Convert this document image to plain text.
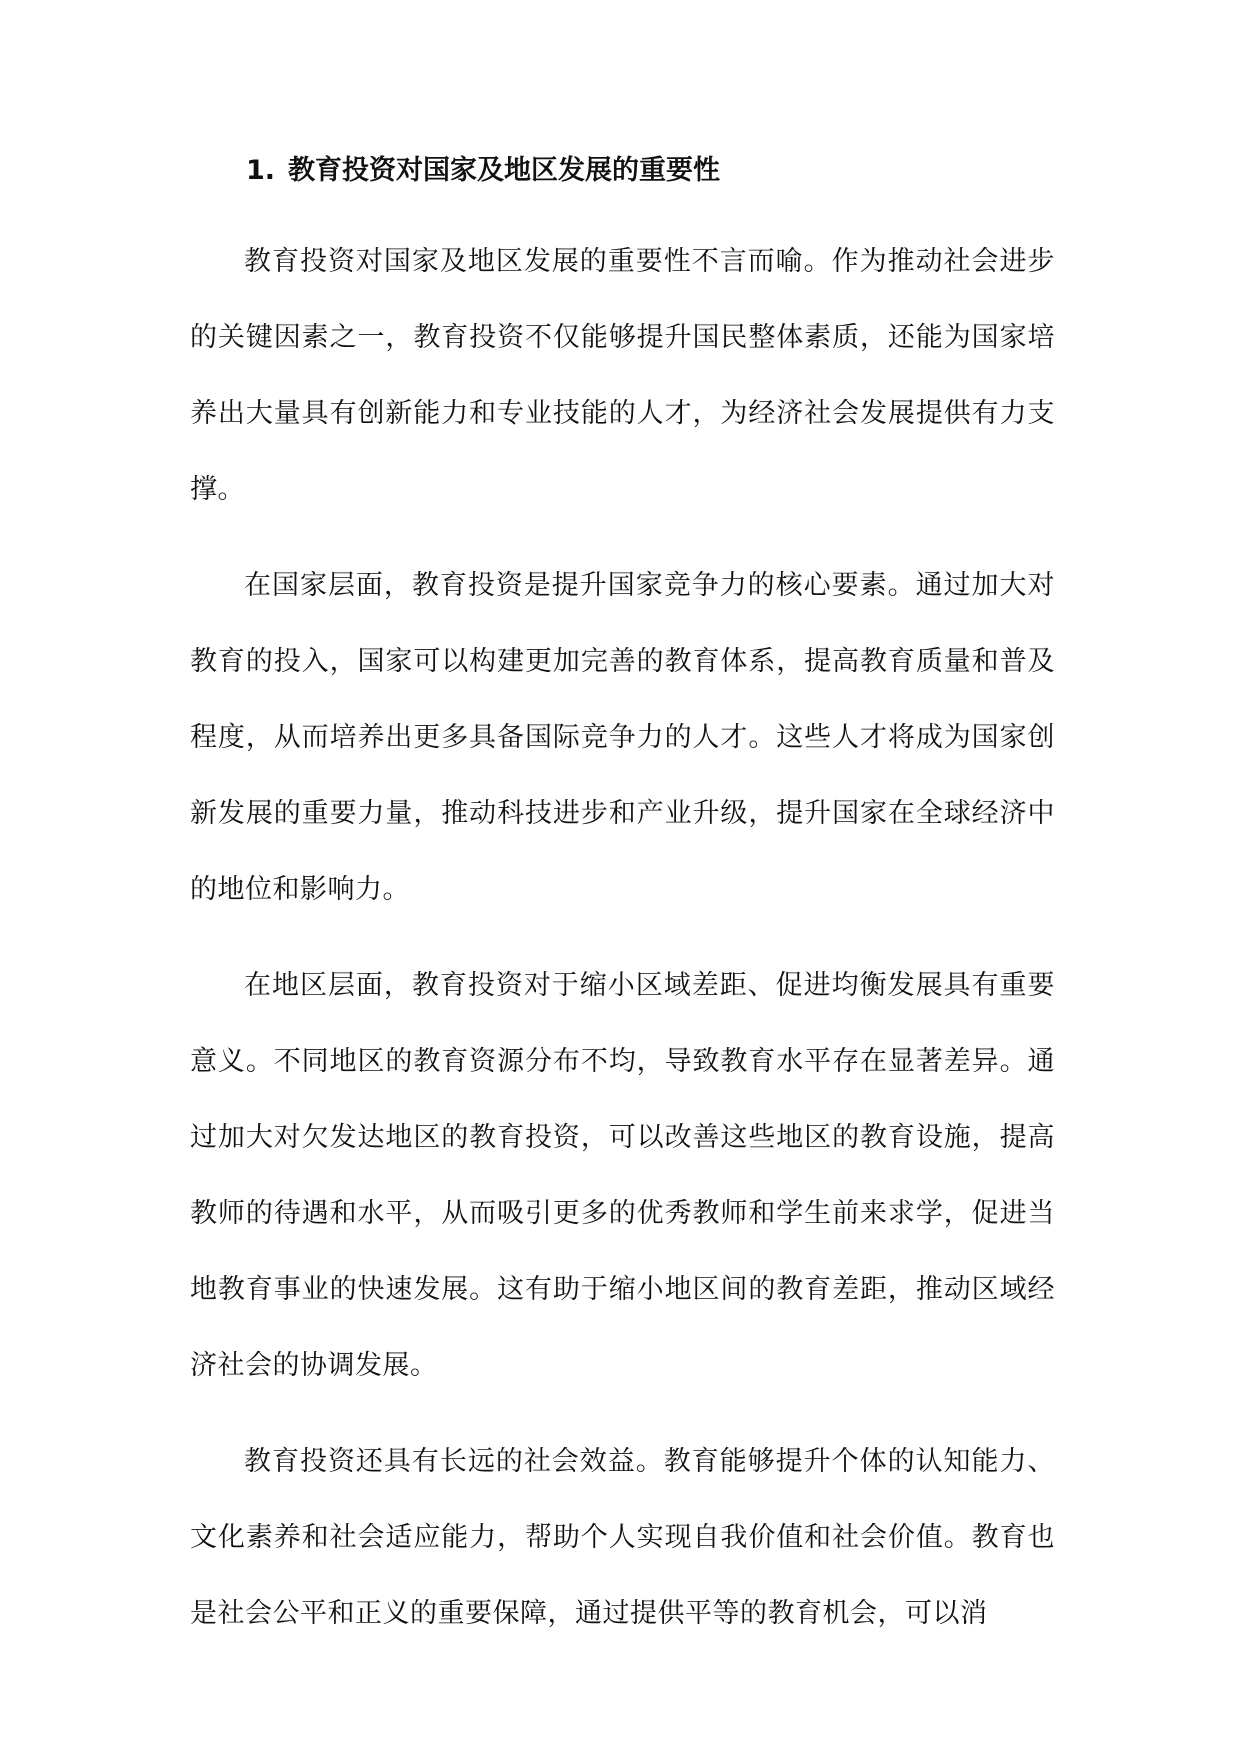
1. 教育投资对国家及地区发展的重要性

教育投资对国家及地区发展的重要性不言而喻。作为推动社会进步的关键因素之一，教育投资不仅能够提升国民整体素质，还能为国家培养出大量具有创新能力和专业技能的人才，为经济社会发展提供有力支撑。

在国家层面，教育投资是提升国家竞争力的核心要素。通过加大对教育的投入，国家可以构建更加完善的教育体系，提高教育质量和普及程度，从而培养出更多具备国际竞争力的人才。这些人才将成为国家创新发展的重要力量，推动科技进步和产业升级，提升国家在全球经济中的地位和影响力。

在地区层面，教育投资对于缩小区域差距、促进均衡发展具有重要意义。不同地区的教育资源分布不均，导致教育水平存在显著差异。通过加大对欠发达地区的教育投资，可以改善这些地区的教育设施，提高教师的待遇和水平，从而吸引更多的优秀教师和学生前来求学，促进当地教育事业的快速发展。这有助于缩小地区间的教育差距，推动区域经济社会的协调发展。

教育投资还具有长远的社会效益。教育能够提升个体的认知能力、文化素养和社会适应能力，帮助个人实现自我价值和社会价值。教育也是社会公平和正义的重要保障，通过提供平等的教育机会，可以消
